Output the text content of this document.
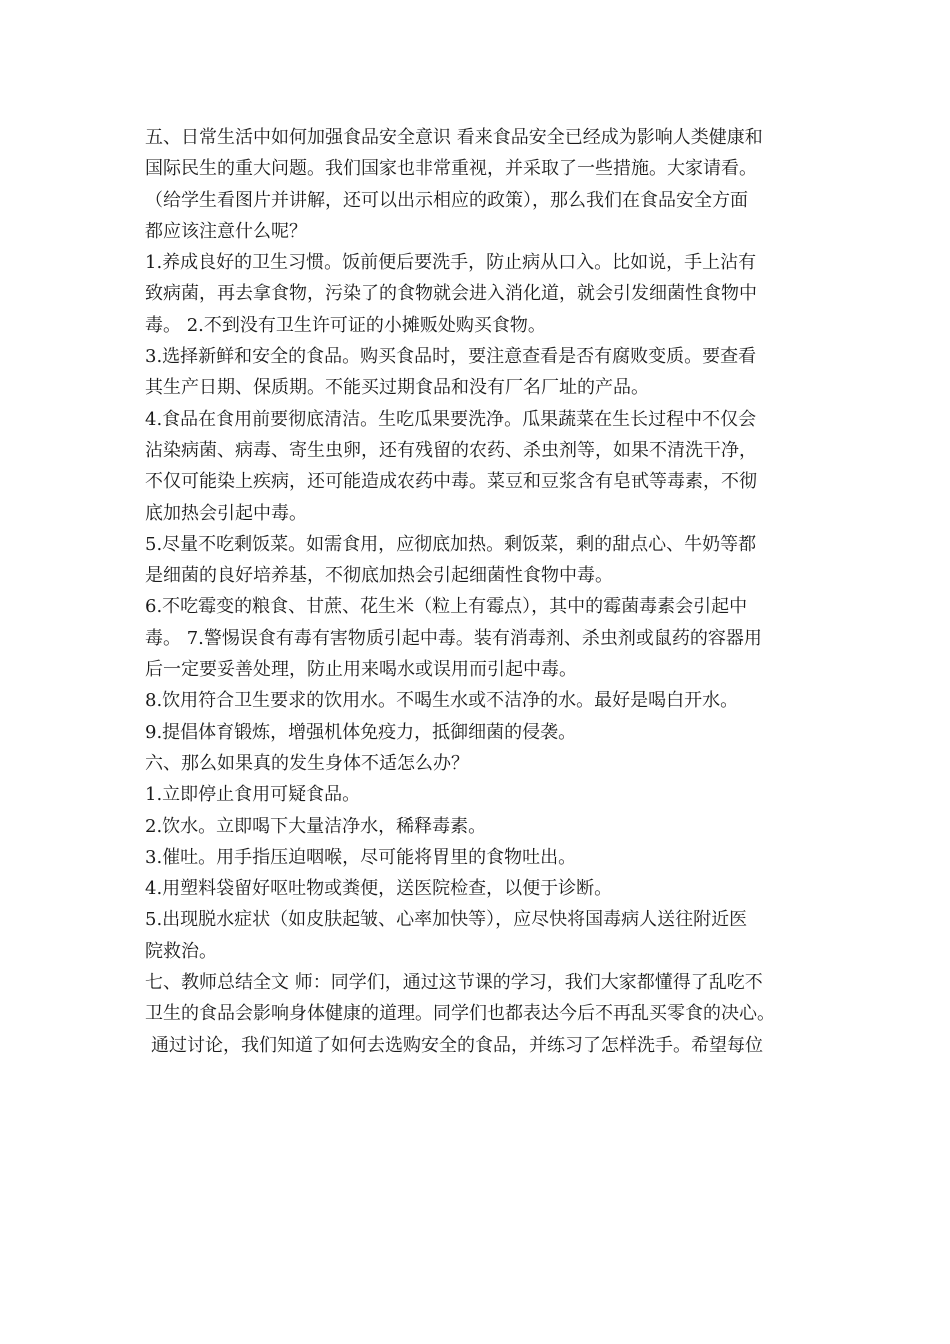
五、日常生活中如何加强食品安全意识 看来食品安全已经成为影响人类健康和
国际民生的重大问题。我们国家也非常重视，并采取了一些措施。大家请看。
（给学生看图片并讲解，还可以出示相应的政策），那么我们在食品安全方面
都应该注意什么呢？
1.养成良好的卫生习惯。饭前便后要洗手，防止病从口入。比如说，手上沾有
致病菌，再去拿食物，污染了的食物就会进入消化道，就会引发细菌性食物中
毒。 2.不到没有卫生许可证的小摊贩处购买食物。
3.选择新鲜和安全的食品。购买食品时，要注意查看是否有腐败变质。要查看
其生产日期、保质期。不能买过期食品和没有厂名厂址的产品。
4.食品在食用前要彻底清洁。生吃瓜果要洗净。瓜果蔬菜在生长过程中不仅会
沾染病菌、病毒、寄生虫卵，还有残留的农药、杀虫剂等，如果不清洗干净，
不仅可能染上疾病，还可能造成农药中毒。菜豆和豆浆含有皂甙等毒素，不彻
底加热会引起中毒。
5.尽量不吃剩饭菜。如需食用，应彻底加热。剩饭菜，剩的甜点心、牛奶等都
是细菌的良好培养基，不彻底加热会引起细菌性食物中毒。
6.不吃霉变的粮食、甘蔗、花生米（粒上有霉点），其中的霉菌毒素会引起中
毒。 7.警惕误食有毒有害物质引起中毒。装有消毒剂、杀虫剂或鼠药的容器用
后一定要妥善处理，防止用来喝水或误用而引起中毒。
8.饮用符合卫生要求的饮用水。不喝生水或不洁净的水。最好是喝白开水。
9.提倡体育锻炼，增强机体免疫力，抵御细菌的侵袭。
六、那么如果真的发生身体不适怎么办？
1.立即停止食用可疑食品。
2.饮水。立即喝下大量洁净水，稀释毒素。
3.催吐。用手指压迫咽喉，尽可能将胃里的食物吐出。
4.用塑料袋留好呕吐物或粪便，送医院检查，以便于诊断。
5.出现脱水症状（如皮肤起皱、心率加快等），应尽快将国毒病人送往附近医
院救治。
七、教师总结全文 师：同学们，通过这节课的学习，我们大家都懂得了乱吃不
卫生的食品会影响身体健康的道理。同学们也都表达今后不再乱买零食的决心。
通过讨论，我们知道了如何去选购安全的食品，并练习了怎样洗手。希望每位
